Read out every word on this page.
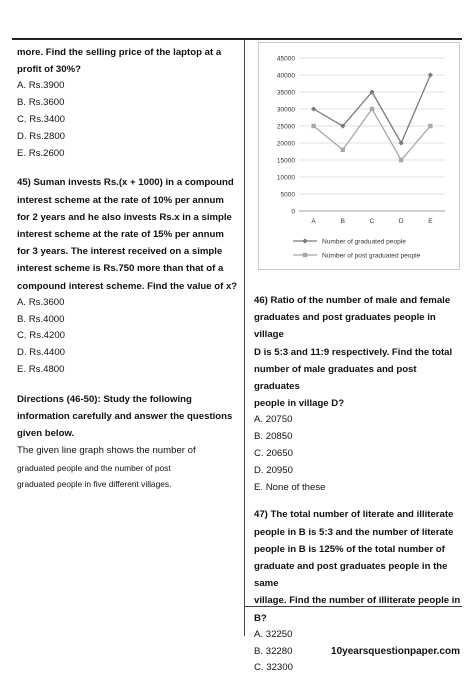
more. Find the selling price of the laptop at a

profit of 30%?

A. Rs.3900

B. Rs.3600

C. Rs.3400

D. Rs.2800

E. Rs.2600

45) Suman invests Rs.(x + 1000) in a compound

interest scheme at the rate of 10% per annum

for 2 years and he also invests Rs.x in a simple

interest scheme at the rate of 15% per annum

for 3 years. The interest received on a simple

interest scheme is Rs.750 more than that of a

compound interest scheme. Find the value of x?

A. Rs.3600

B. Rs.4000

C. Rs.4200

D. Rs.4400

E. Rs.4800

Directions (46-50): Study the following

information carefully and answer the questions

given below.

The given line graph shows the number of

graduated people and the number of post

graduated people in five different villages.

0
5000
10000
15000
20000
25000
30000
35000
40000
45000
A	B	C	D	E
Number of graduated people
Number of post graduated people

46) Ratio of the number of male and female

graduates and post graduates people in village

D is 5:3 and 11:9 respectively. Find the total

number of male graduates and post graduates

people in village D?

A. 20750

B. 20850

C. 20650

D. 20950

E. None of these

47) The total number of literate and illiterate

people in B is 5:3 and the number of literate

people in B is 125% of the total number of

graduate and post graduates people in the same

village. Find the number of illiterate people in B?

A. 32250

B. 32280

C. 32300

10yearsquestionpaper.com
